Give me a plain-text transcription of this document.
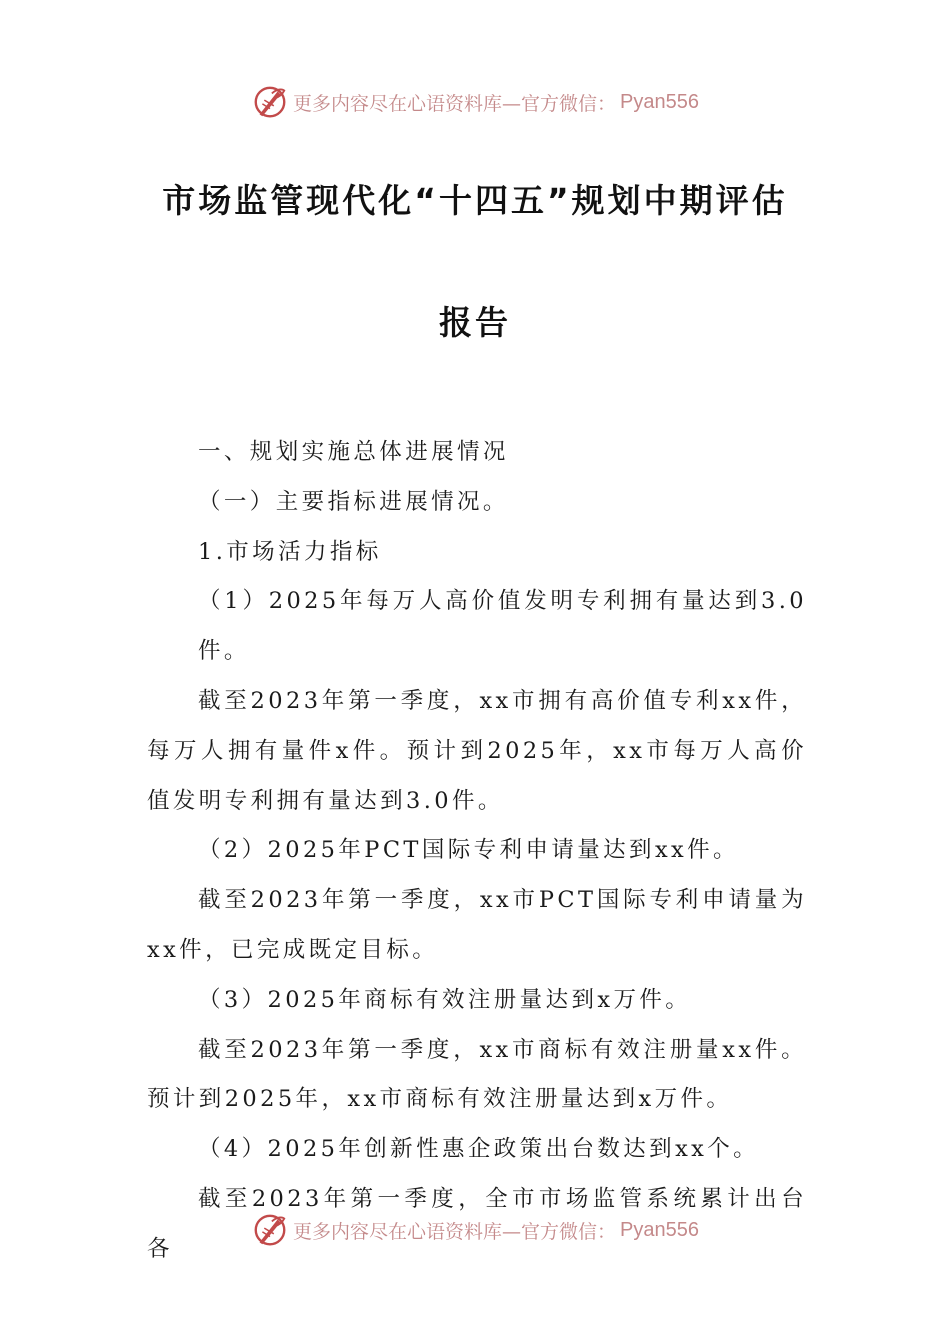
更多内容尽在心语资料库—官方微信： Pyan556
市场监管现代化“十四五”规划中期评估
报告

一、规划实施总体进展情况

（一）主要指标进展情况。

1.市场活力指标

（1）2025年每万人高价值发明专利拥有量达到3.0件。

截至2023年第一季度，xx市拥有高价值专利xx件，每万人拥有量件x件。预计到2025年，xx市每万人高价值发明专利拥有量达到3.0件。

（2）2025年PCT国际专利申请量达到xx件。

截至2023年第一季度，xx市PCT国际专利申请量为xx件，已完成既定目标。

（3）2025年商标有效注册量达到x万件。

截至2023年第一季度，xx市商标有效注册量xx件。预计到2025年，xx市商标有效注册量达到x万件。

（4）2025年创新性惠企政策出台数达到xx个。

截至2023年第一季度，全市市场监管系统累计出台各

更多内容尽在心语资料库—官方微信： Pyan556
